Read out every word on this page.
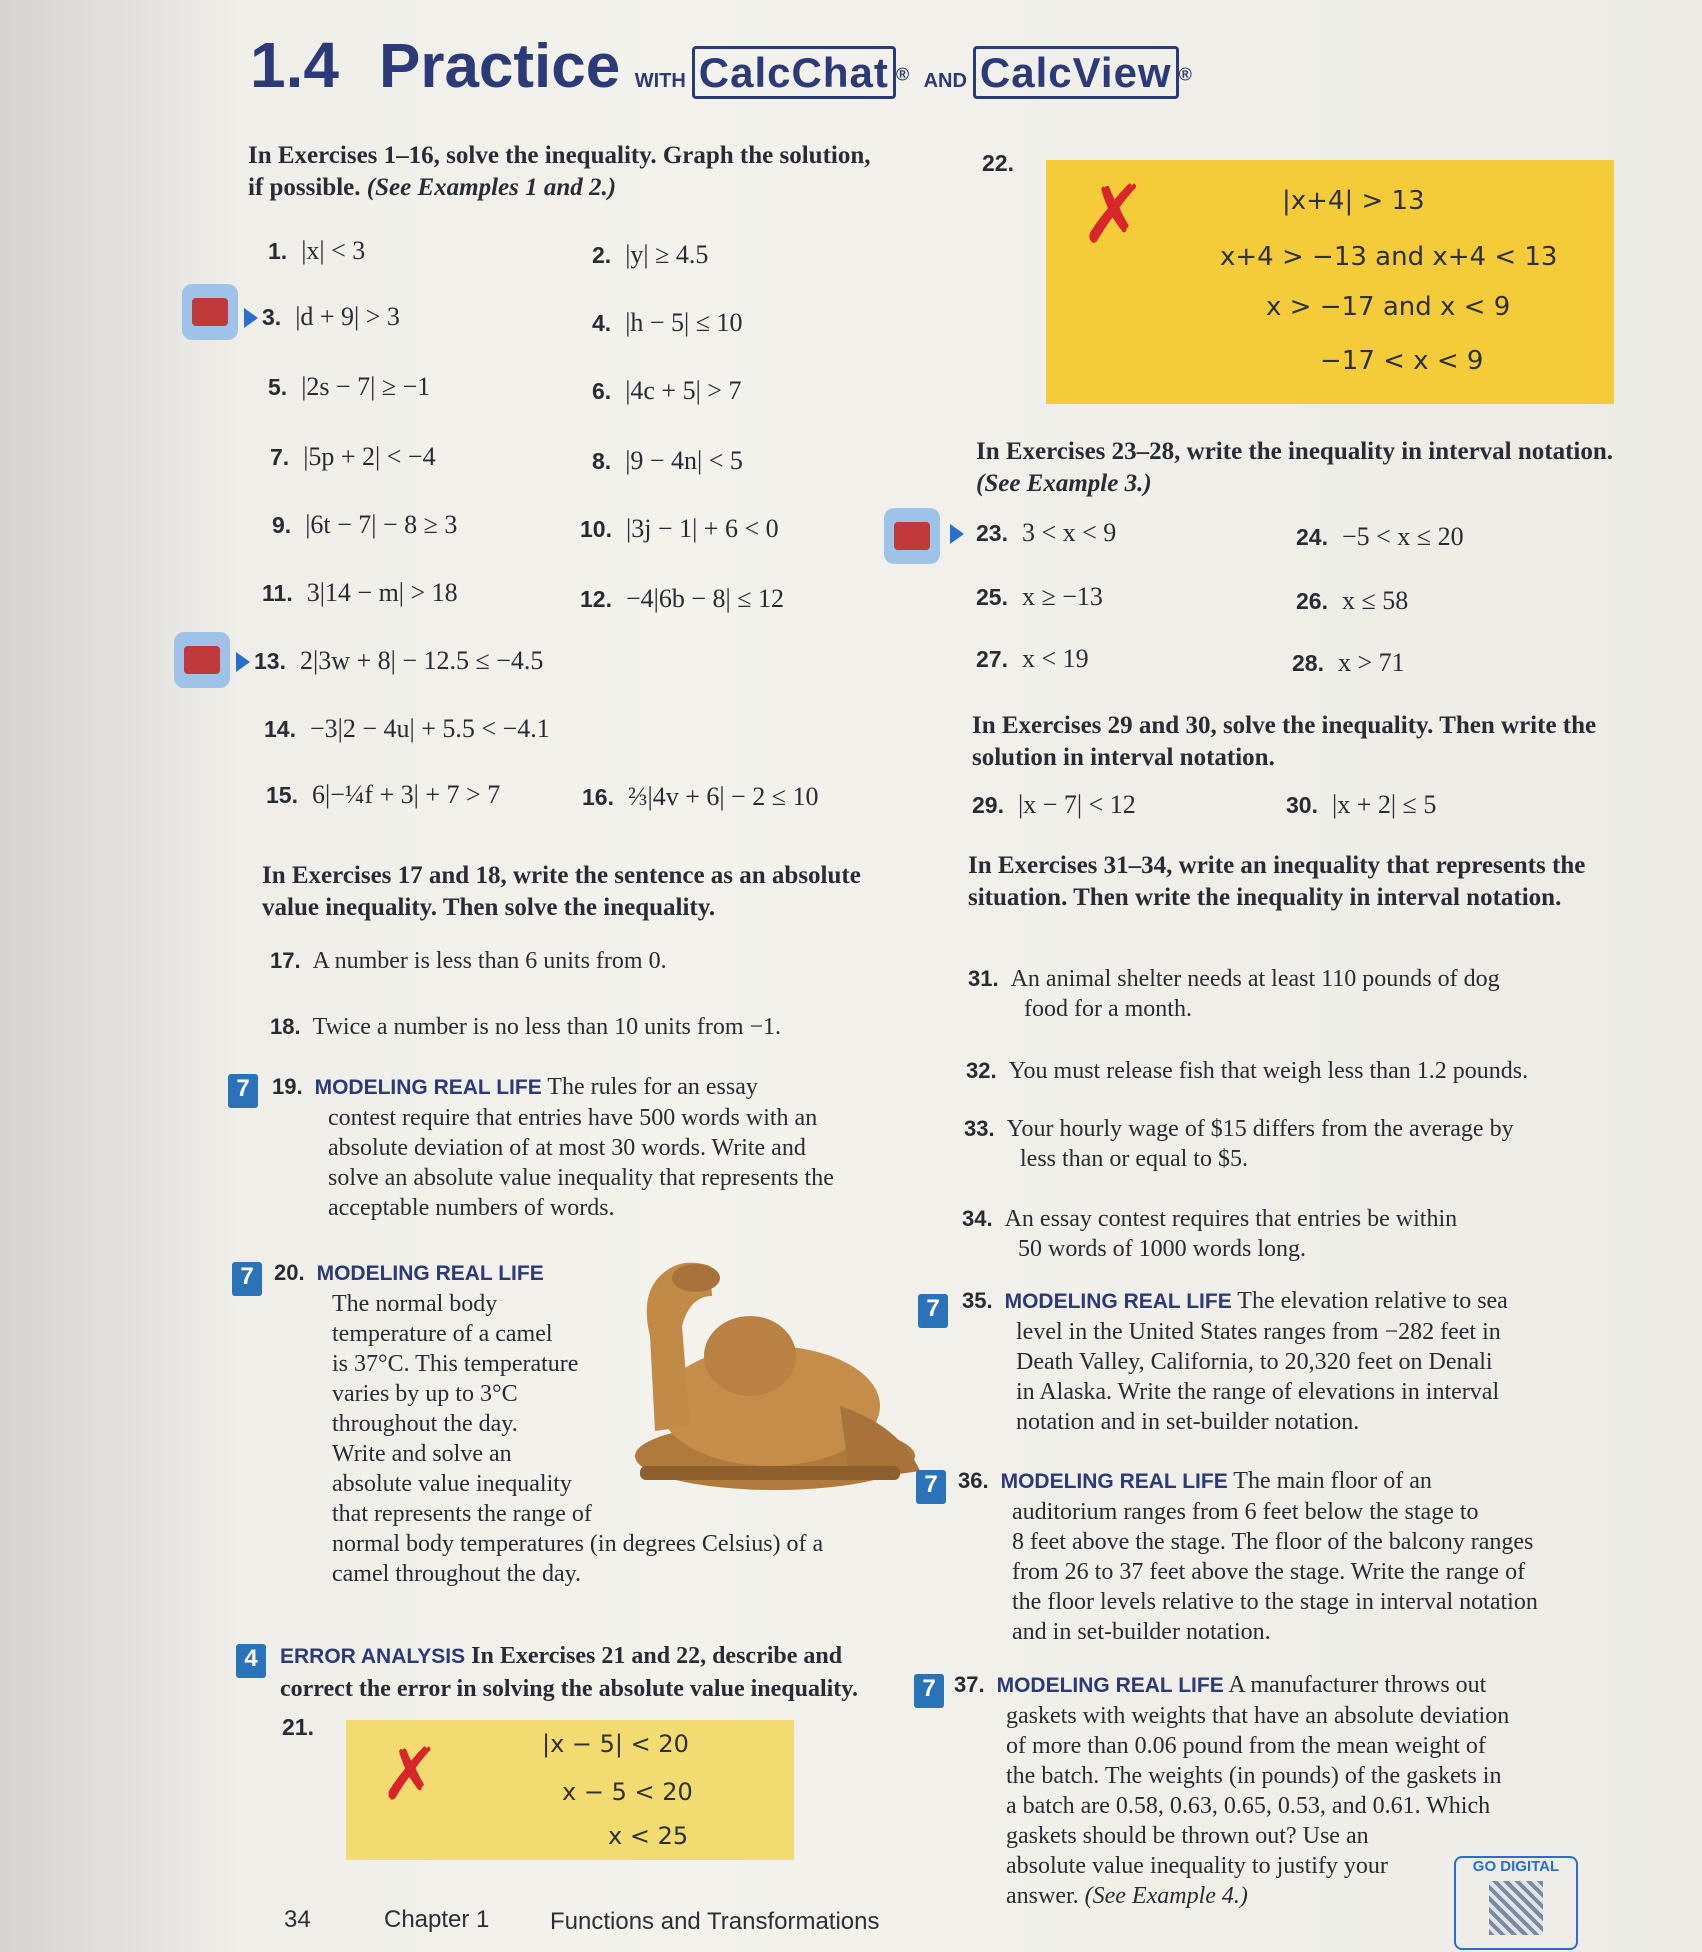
1.4 Practice WITH CalcChat ® AND CalcView ®
In Exercises 1–16, solve the inequality. Graph the solution, if possible. (See Examples 1 and 2.)
1. |x| < 3	2. |y| ≥ 4.5
3. |d + 9| > 3	4. |h − 5| ≤ 10
5. |2s − 7| ≥ −1	6. |4c + 5| > 7
7. |5p + 2| < −4	8. |9 − 4n| < 5
9. |6t − 7| − 8 ≥ 3	10. |3j − 1| + 6 < 0
11. 3|14 − m| > 18	12. −4|6b − 8| ≤ 12
13. 2|3w + 8| − 12.5 ≤ −4.5
14. −3|2 − 4u| + 5.5 < −4.1
15. 6|−¼f + 3| + 7 > 7	16. ⅔|4v + 6| − 2 ≤ 10
In Exercises 17 and 18, write the sentence as an absolute value inequality. Then solve the inequality.
17. A number is less than 6 units from 0.
18. Twice a number is no less than 10 units from −1.
7	19. MODELING REAL LIFE The rules for an essay
contest require that entries have 500 words with an
absolute deviation of at most 30 words. Write and
solve an absolute value inequality that represents the
acceptable numbers of words.
7 20. MODELING REAL LIFE
The normal body
temperature of a camel
is 37°C. This temperature
varies by up to 3°C
throughout the day.
Write and solve an
absolute value inequality
that represents the range of
normal body temperatures (in degrees Celsius) of a
camel throughout the day.
4	ERROR ANALYSIS In Exercises 21 and 22, describe and
correct the error in solving the absolute value inequality.
21.
✗	|x − 5| < 20
x − 5 < 20
x < 25
22.
✗	|x+4| > 13
x+4 > −13 and x+4 < 13
x > −17 and x < 9
−17 < x < 9
In Exercises 23–28, write the inequality in interval notation. (See Example 3.)
23. 3 < x < 9	24. −5 < x ≤ 20
25. x ≥ −13	26. x ≤ 58
27. x < 19	28. x > 71
In Exercises 29 and 30, solve the inequality. Then write the solution in interval notation.
29. |x − 7| < 12	30. |x + 2| ≤ 5
In Exercises 31–34, write an inequality that represents the situation. Then write the inequality in interval notation.
31. An animal shelter needs at least 110 pounds of dog
food for a month.
32. You must release fish that weigh less than 1.2 pounds.
33. Your hourly wage of $15 differs from the average by
less than or equal to $5.
34. An essay contest requires that entries be within
50 words of 1000 words long.
7	35. MODELING REAL LIFE The elevation relative to sea
level in the United States ranges from −282 feet in
Death Valley, California, to 20,320 feet on Denali
in Alaska. Write the range of elevations in interval
notation and in set-builder notation.
7 36. MODELING REAL LIFE The main floor of an
auditorium ranges from 6 feet below the stage to
8 feet above the stage. The floor of the balcony ranges
from 26 to 37 feet above the stage. Write the range of
the floor levels relative to the stage in interval notation
and in set-builder notation.
7 37. MODELING REAL LIFE A manufacturer throws out
gaskets with weights that have an absolute deviation
of more than 0.06 pound from the mean weight of
the batch. The weights (in pounds) of the gaskets in
a batch are 0.58, 0.63, 0.65, 0.53, and 0.61. Which
gaskets should be thrown out? Use an
absolute value inequality to justify your
answer. (See Example 4.)
GO DIGITAL
34	Chapter 1	Functions and Transformations
